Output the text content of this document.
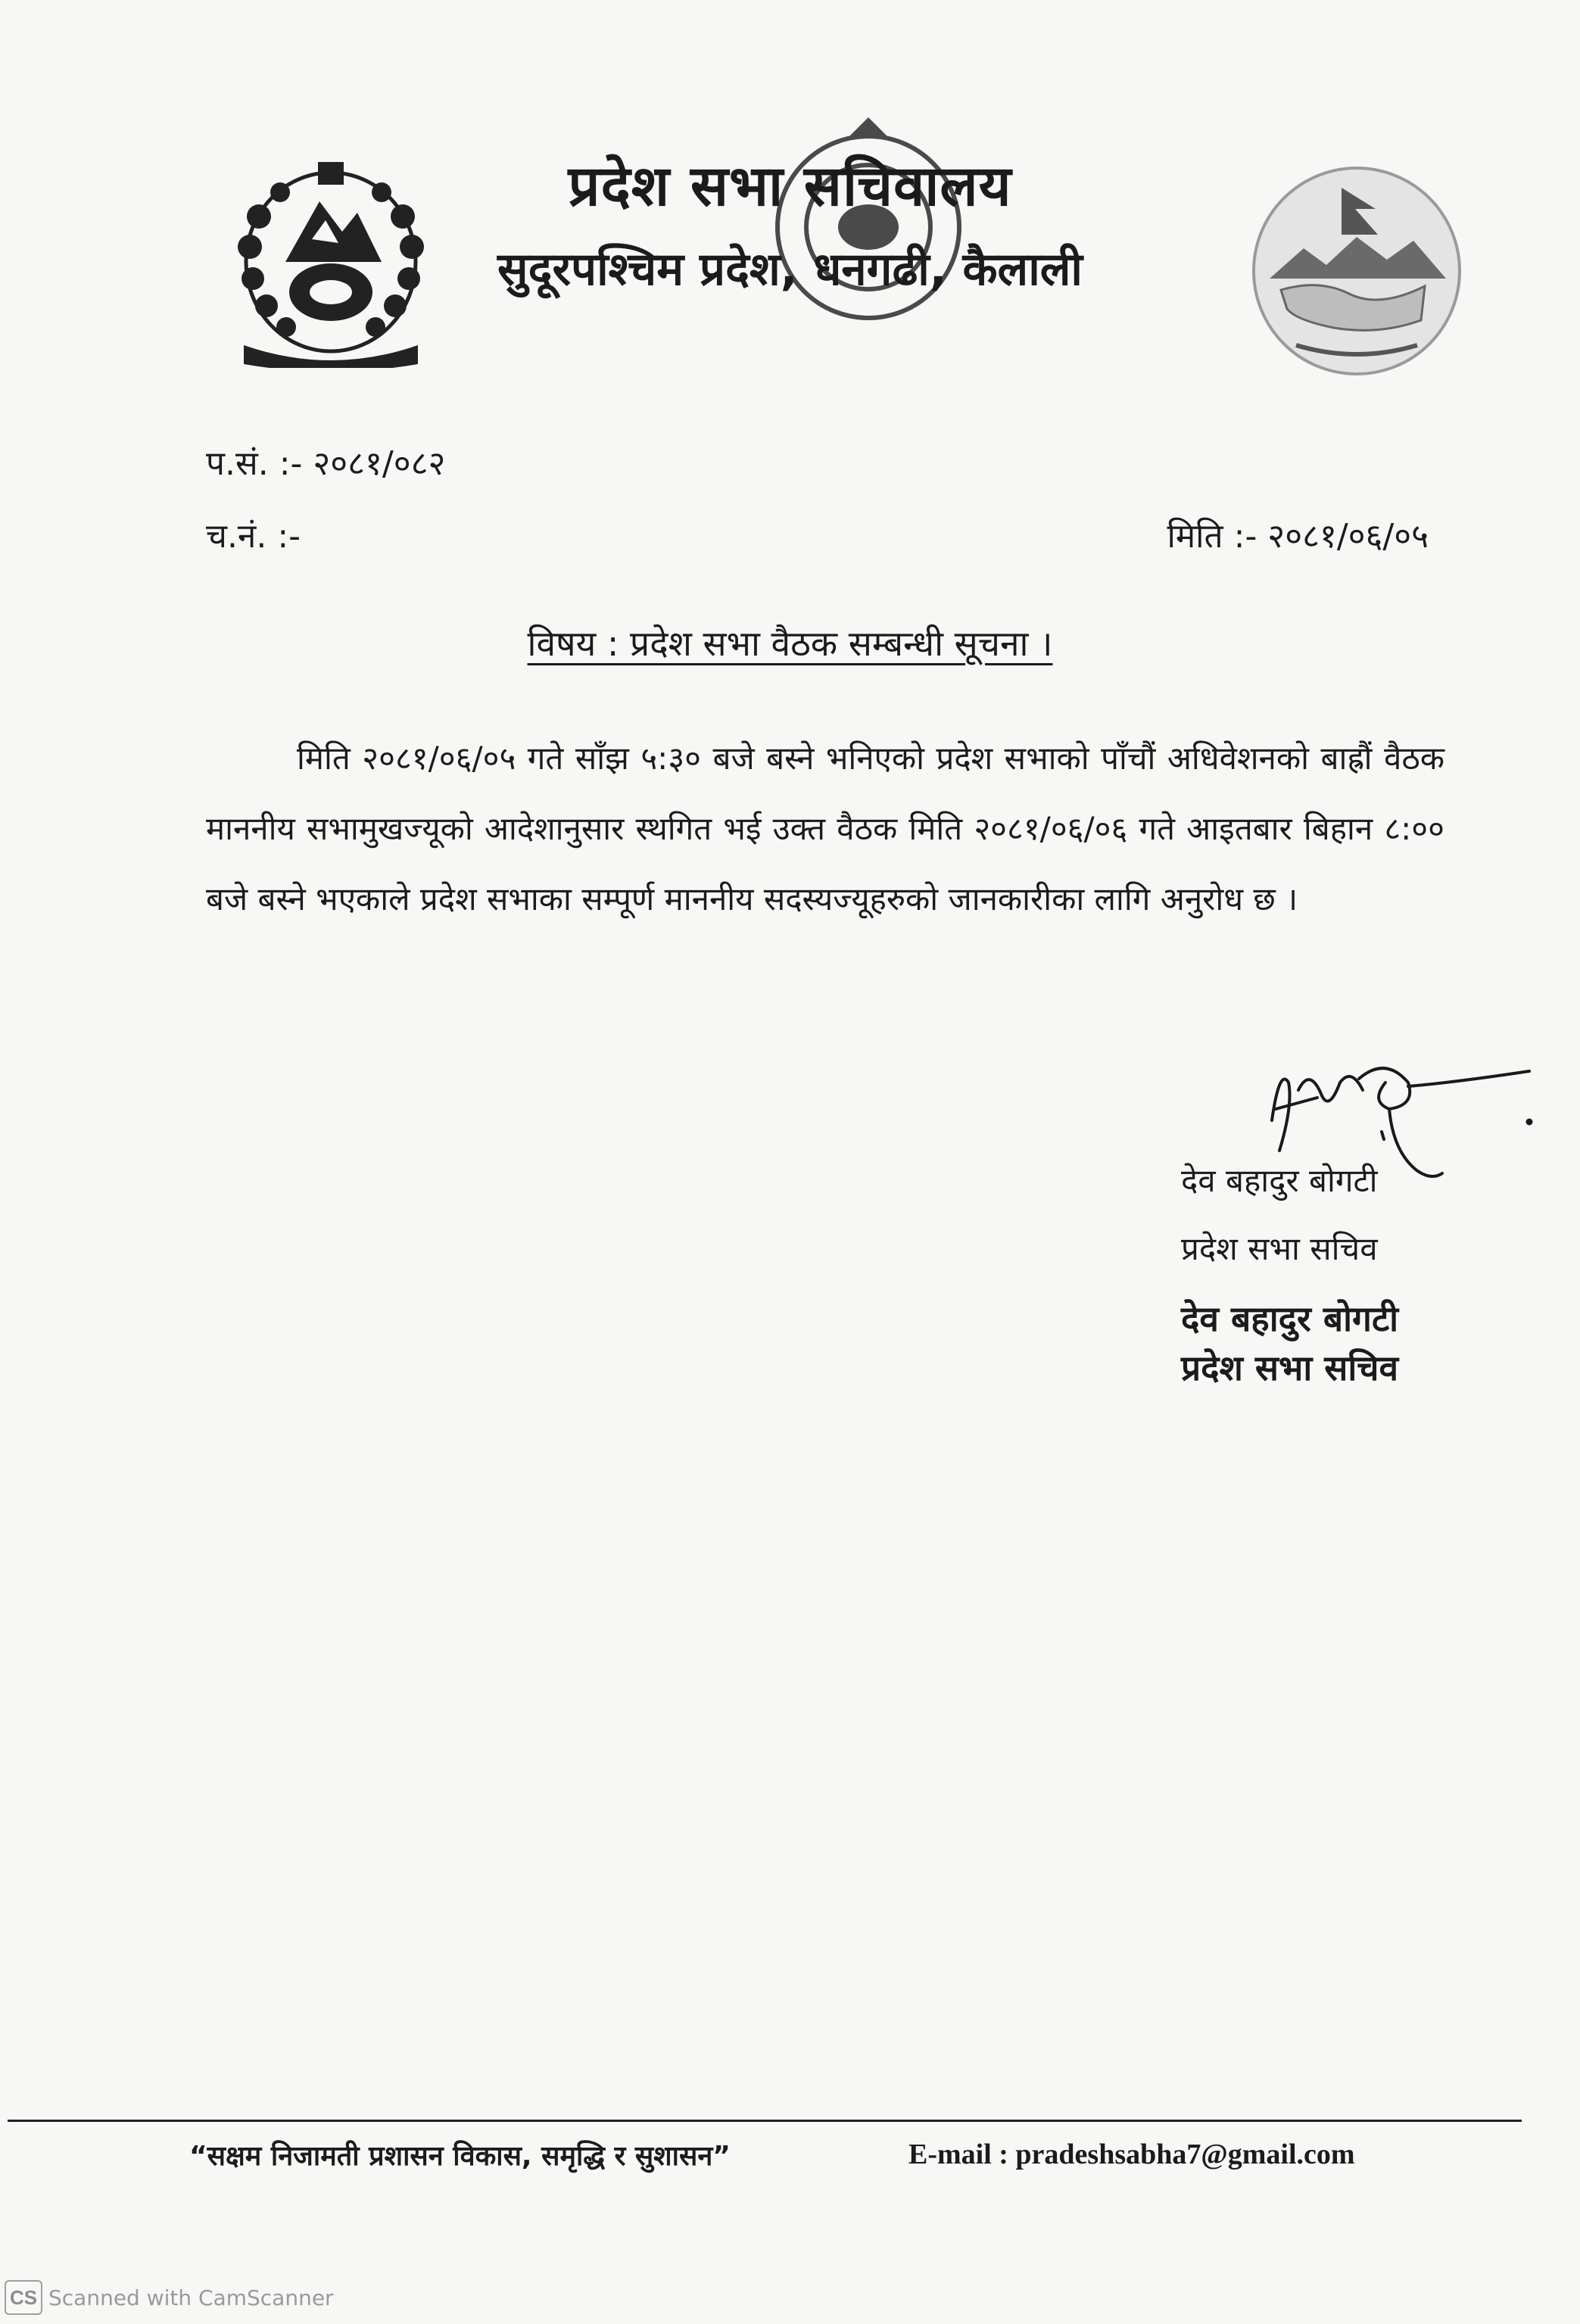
प्रदेश सभा सचिवालय
सुदूरपश्चिम प्रदेश, धनगढी, कैलाली
प.सं. :- २०८१/०८२
च.नं. :-	मिति :- २०८१/०६/०५
विषय : प्रदेश सभा वैठक सम्बन्धी सूचना ।
मिति २०८१/०६/०५ गते साँझ ५:३० बजे बस्ने भनिएको प्रदेश सभाको पाँचौं अधिवेशनको बाह्रौं वैठक माननीय सभामुखज्यूको आदेशानुसार स्थगित भई उक्त वैठक मिति २०८१/०६/०६ गते आइतबार बिहान ८:०० बजे बस्ने भएकाले प्रदेश सभाका सम्पूर्ण माननीय सदस्यज्यूहरुको जानकारीका लागि अनुरोध छ ।
देव बहादुर बोगटी
प्रदेश सभा सचिव
देव बहादुर बोगटी
प्रदेश सभा सचिव
“सक्षम निजामती प्रशासन विकास, समृद्धि र सुशासन”	E-mail : pradeshsabha7@gmail.com
CS Scanned with CamScanner
